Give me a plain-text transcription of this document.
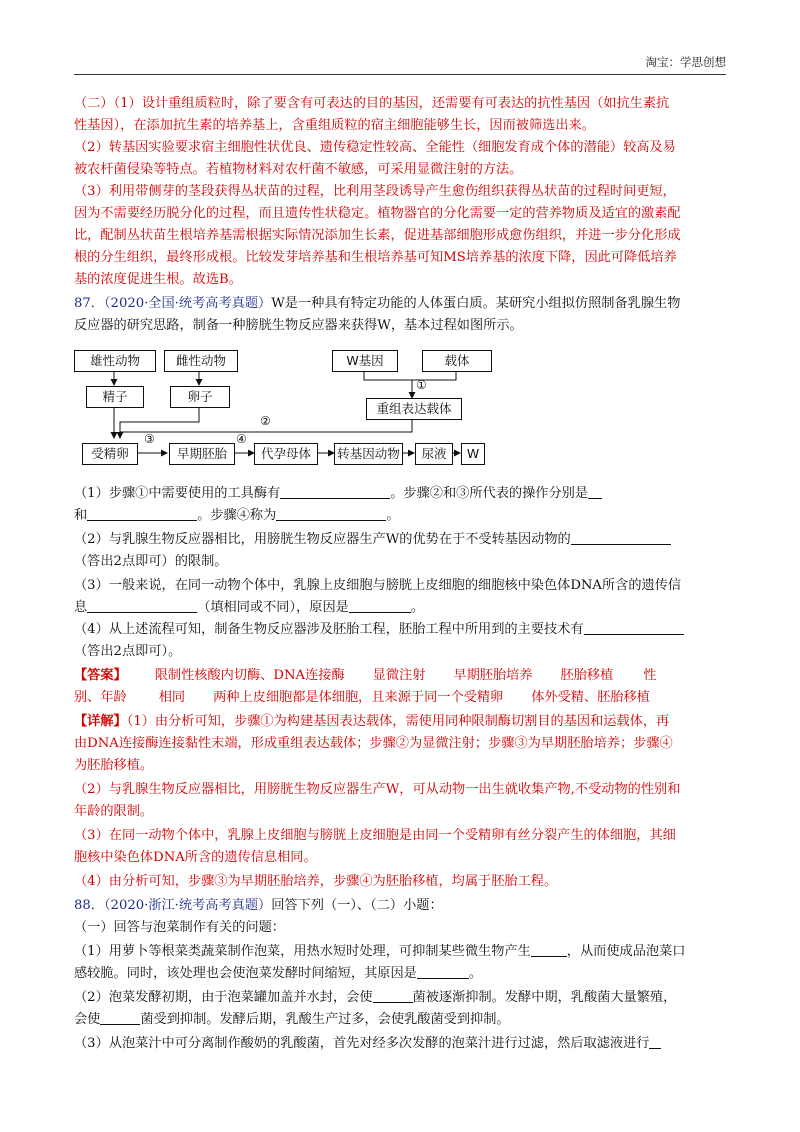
淘宝：学思创想
（二）（1）设计重组质粒时，除了要含有可表达的目的基因，还需要有可表达的抗性基因（如抗生素抗
性基因），在添加抗生素的培养基上，含重组质粒的宿主细胞能够生长，因而被筛选出来。
（2）转基因实验要求宿主细胞性状优良、遗传稳定性较高、全能性（细胞发育成个体的潜能）较高及易
被农杆菌侵染等特点。若植物材料对农杆菌不敏感，可采用显微注射的方法。
（3）利用带侧芽的茎段获得丛状苗的过程，比利用茎段诱导产生愈伤组织获得丛状苗的过程时间更短，
因为不需要经历脱分化的过程，而且遗传性状稳定。植物器官的分化需要一定的营养物质及适宜的激素配
比，配制丛状苗生根培养基需根据实际情况添加生长素，促进基部细胞形成愈伤组织，并进一步分化形成
根的分生组织，最终形成根。比较发芽培养基和生根培养基可知MS培养基的浓度下降，因此可降低培养
基的浓度促进生根。故选B。
87．（2020·全国·统考高考真题）W是一种具有特定功能的人体蛋白质。某研究小组拟仿照制备乳腺生物
反应器的研究思路，制备一种膀胱生物反应器来获得W，基本过程如图所示。
雄性动物	雌性动物
精子	卵子
W基因	载体
重组表达载体
受精卵	早期胚胎	代孕母体	转基因动物	尿液	W
①
②
③	④
（1）步骤①中需要使用的工具酶有	。步骤②和③所代表的操作分别是
和	。步骤④称为	。
（2）与乳腺生物反应器相比，用膀胱生物反应器生产W的优势在于不受转基因动物的
（答出2点即可）的限制。
（3）一般来说，在同一动物个体中，乳腺上皮细胞与膀胱上皮细胞的细胞核中染色体DNA所含的遗传信
息	（填相同或不同），原因是	。
（4）从上述流程可知，制备生物反应器涉及胚胎工程，胚胎工程中所用到的主要技术有
（答出2点即可）。
【答案】 限制性核酸内切酶、DNA连接酶 显微注射 早期胚胎培养 胚胎移植 性
别、年龄 相同 两种上皮细胞都是体细胞，且来源于同一个受精卵 体外受精、胚胎移植
【详解】（1）由分析可知，步骤①为构建基因表达载体，需使用同种限制酶切割目的基因和运载体，再
由DNA连接酶连接黏性末端，形成重组表达载体；步骤②为显微注射；步骤③为早期胚胎培养；步骤④
为胚胎移植。
（2）与乳腺生物反应器相比，用膀胱生物反应器生产W，可从动物一出生就收集产物,不受动物的性别和
年龄的限制。
（3）在同一动物个体中，乳腺上皮细胞与膀胱上皮细胞是由同一个受精卵有丝分裂产生的体细胞，其细
胞核中染色体DNA所含的遗传信息相同。
（4）由分析可知，步骤③为早期胚胎培养，步骤④为胚胎移植，均属于胚胎工程。
88．（2020·浙江·统考高考真题）回答下列（一）、（二）小题：
（一）回答与泡菜制作有关的问题：
（1）用萝卜等根菜类蔬菜制作泡菜，用热水短时处理，可抑制某些微生物产生	，从而使成品泡菜口
感较脆。同时，该处理也会使泡菜发酵时间缩短，其原因是	。
（2）泡菜发酵初期，由于泡菜罐加盖并水封，会使	菌被逐渐抑制。发酵中期，乳酸菌大量繁殖，
会使	菌受到抑制。发酵后期，乳酸生产过多，会使乳酸菌受到抑制。
（3）从泡菜汁中可分离制作酸奶的乳酸菌，首先对经多次发酵的泡菜汁进行过滤，然后取滤液进行
